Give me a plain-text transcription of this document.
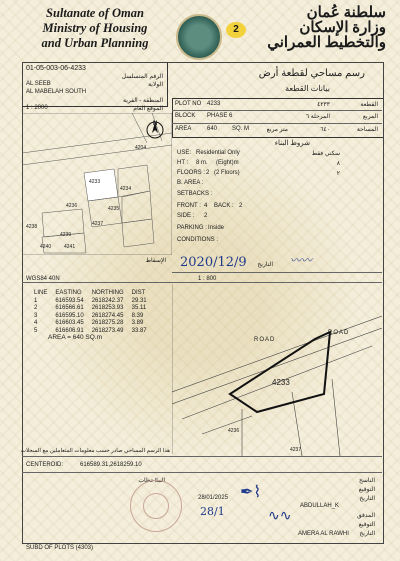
Sultanate of Oman
Ministry of Housing
and Urban Planning
2
سلطنة عُمان
وزارة الإسكان
والتخطيط العمراني
01-05-003-06-4233
الرقم المتسلسل
AL SEEB	الولاية
AL MABELAH SOUTH
المنطقة - القرية
الموقع العام
1 : 2000
N
4233
4236
4237
4204
4234
4235
4238
4239
4240	4241
الإسقاط
رسم مساحي لقطعة أرض
بيانات القطعة
PLOT NO 4233	٤٢٣٣	القطعة
BLOCK PHASE 6	المرحلة ٦	المربع
AREA	640 SQ. M	متر مربع	٦٤٠	المساحة
شروط البناء
USE: Residential Only	سكني فقط
HT : 8 m. (Eight)m	٨
FLOORS : 2 (2 Floors)	٢
B. AREA :
SETBACKS :
FRONT : 4 BACK : 2
SIDE : 2
PARKING : Inside
CONDITIONS :
2020/12/9	التاريخ 〰〰
WGS84 40N	1 : 800
LINE	EASTING	NORTHING	DIST
1	616593.54	2618242.37	29.31
2	616566.61	2618253.93	35.11
3	616595.10	2618274.45	8.39
4	616603.45	2618275.28	3.89
5	616606.91	2618273.49	33.87
AREA = 640 SQ.m	ROAD
ROAD
4233
4236
4237
هذا الرسم المساحي صادر حسب معلومات المتعاملين مع السجلات
CENTEROID:	616589.31,2618259.10
الملاحظات	الناسخ
التوقيع
التاريخ
28/01/2025
ABDULLAH_K
✒︎⌇
المدقق
التوقيع
التاريخ
28/1	∿∿
AMERA AL RAWHI
SUBD OF PLOTS (4303)
